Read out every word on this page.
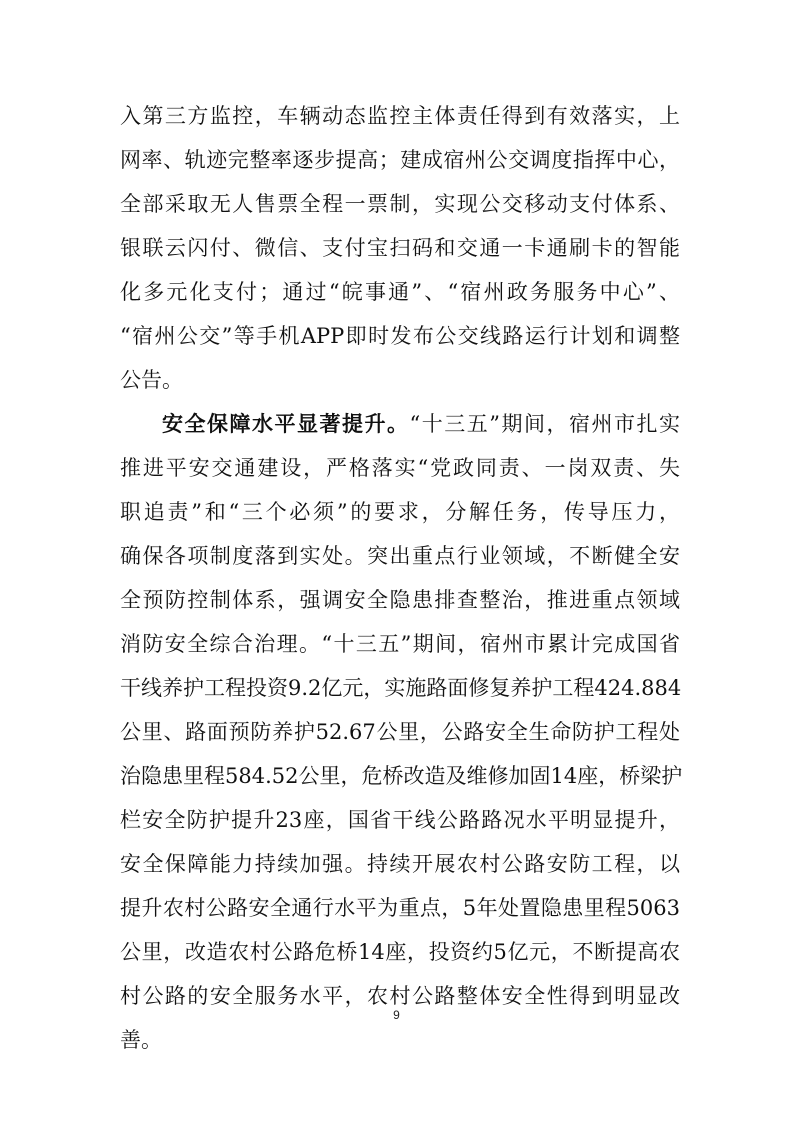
入第三方监控，车辆动态监控主体责任得到有效落实，上
网率、轨迹完整率逐步提高；建成宿州公交调度指挥中心，
全部采取无人售票全程一票制，实现公交移动支付体系、
银联云闪付、微信、支付宝扫码和交通一卡通刷卡的智能
化多元化支付；通过“皖事通”、“宿州政务服务中心”、
“宿州公交”等手机APP即时发布公交线路运行计划和调整
公告。
安全保障水平显著提升。“十三五”期间，宿州市扎实
推进平安交通建设，严格落实“党政同责、一岗双责、失
职追责”和“三个必须”的要求，分解任务，传导压力，
确保各项制度落到实处。突出重点行业领域，不断健全安
全预防控制体系，强调安全隐患排查整治，推进重点领域
消防安全综合治理。“十三五”期间，宿州市累计完成国省
干线养护工程投资9.2亿元，实施路面修复养护工程424.884
公里、路面预防养护52.67公里，公路安全生命防护工程处
治隐患里程584.52公里，危桥改造及维修加固14座，桥梁护
栏安全防护提升23座，国省干线公路路况水平明显提升，
安全保障能力持续加强。持续开展农村公路安防工程，以
提升农村公路安全通行水平为重点，5年处置隐患里程5063
公里，改造农村公路危桥14座，投资约5亿元，不断提高农
村公路的安全服务水平，农村公路整体安全性得到明显改
善。
9
